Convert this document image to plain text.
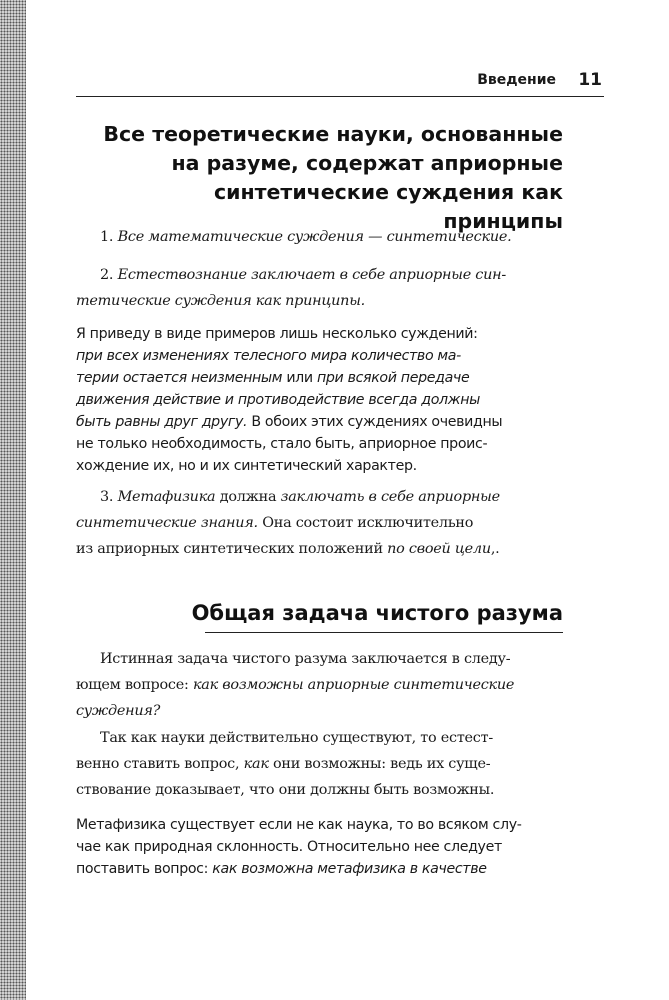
Введение 11
Все теоретические науки, основанные на разуме, содержат априорные синтетические суждения как принципы

1. Все математические суждения — синтетические.

2. Естествознание заключает в себе априорные син-
тетические суждения как принципы.

Я приведу в виде примеров лишь несколько суждений:
при всех изменениях телесного мира количество ма-
терии остается неизменным или при всякой передаче
движения действие и противодействие всегда должны
быть равны друг другу. В обоих этих суждениях очевидны
не только необходимость, стало быть, априорное проис-
хождение их, но и их синтетический характер.

3. Метафизика должна заключать в себе априорные
синтетические знания. Она состоит исключительно
из априорных синтетических положений по своей цели,.

Общая задача чистого разума

Истинная задача чистого разума заключается в следу-
ющем вопросе: как возможны априорные синтетические
суждения?

Так как науки действительно существуют, то естест-
венно ставить вопрос, как они возможны: ведь их суще-
ствование доказывает, что они должны быть возможны.

Метафизика существует если не как наука, то во всяком слу-
чае как природная склонность. Относительно нее следует
поставить вопрос: как возможна метафизика в качестве
